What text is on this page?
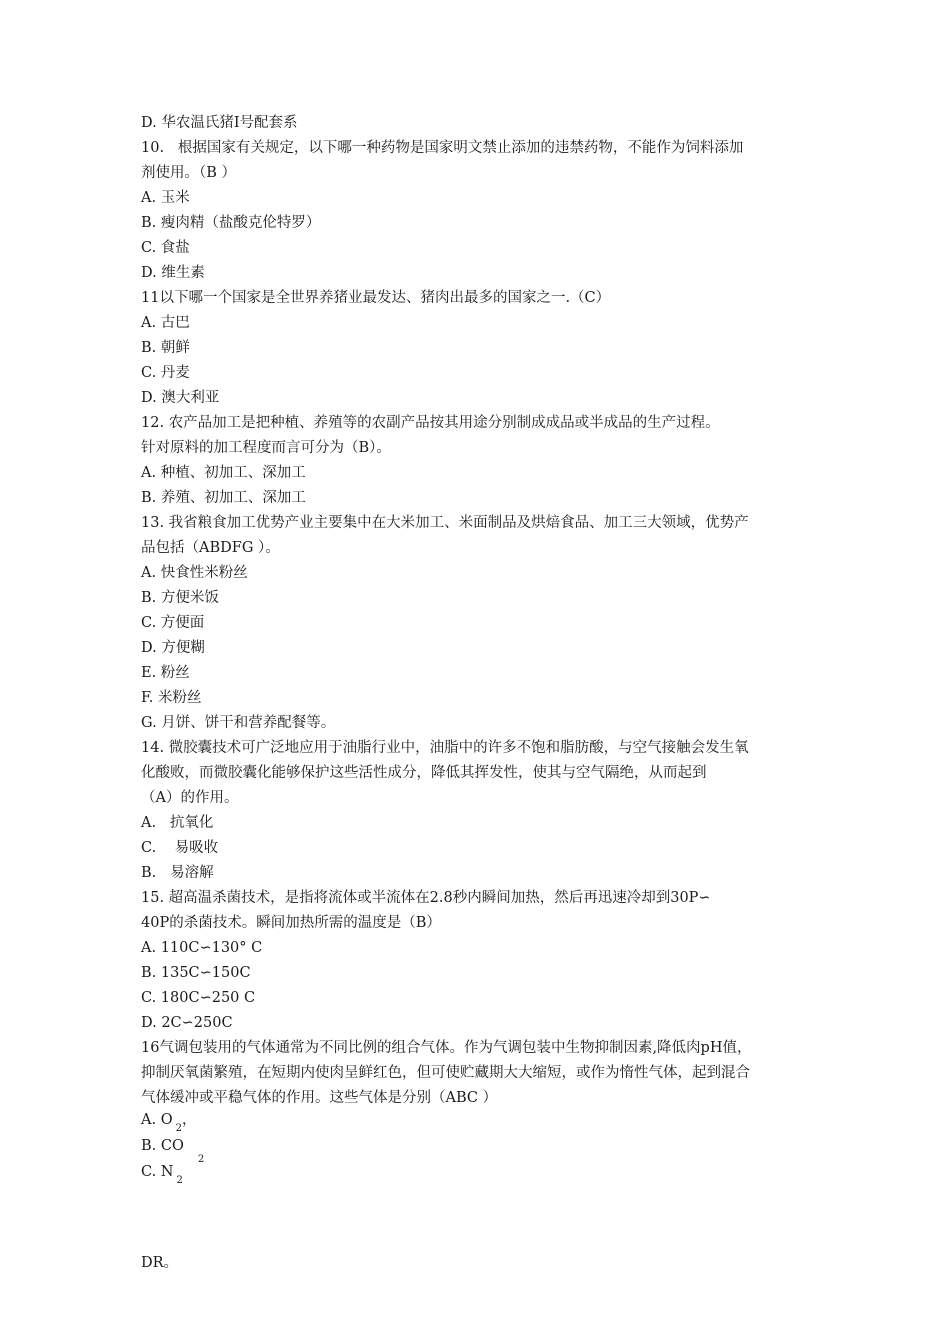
D. 华农温氏猪Ⅰ号配套系
10.   根据国家有关规定，以下哪一种药物是国家明文禁止添加的违禁药物，不能作为饲料添加
剂使用。（B ）
A. 玉米
B. 瘦肉精（盐酸克伦特罗）
C. 食盐
D. 维生素
11以下哪一个国家是全世界养猪业最发达、猪肉出最多的国家之一.（C）
A. 古巴
B. 朝鲜
C. 丹麦
D. 澳大利亚
12. 农产品加工是把种植、养殖等的农副产品按其用途分别制成成品或半成品的生产过程。
针对原料的加工程度而言可分为（B）。
A. 种植、初加工、深加工
B. 养殖、初加工、深加工
13. 我省粮食加工优势产业主要集中在大米加工、米面制品及烘焙食品、加工三大领域，优势产
品包括（ABDFG ）。
A. 快食性米粉丝
B. 方便米饭
C. 方便面
D. 方便糊
E. 粉丝
F. 米粉丝
G. 月饼、饼干和营养配餐等。
14. 微胶囊技术可广泛地应用于油脂行业中，油脂中的许多不饱和脂肪酸，与空气接触会发生氧
化酸败，而微胶囊化能够保护这些活性成分，降低其挥发性，使其与空气隔绝，从而起到
（A）的作用。
A.   抗氧化
C.    易吸收
B.   易溶解
15. 超高温杀菌技术，是指将流体或半流体在2.8秒内瞬间加热，然后再迅速冷却到30P∽
40P的杀菌技术。瞬间加热所需的温度是（B）
A. 110C∽130° C
B. 135C∽150C
C. 180C∽250 C
D. 2C∽250C
16气调包装用的气体通常为不同比例的组合气体。作为气调包装中生物抑制因素,降低肉pH值，
抑制厌氧菌繁殖，在短期内使肉呈鲜红色，但可使贮藏期大大缩短，或作为惰性气体，起到混合
气体缓冲或平稳气体的作用。这些气体是分别（ABC ）
A. $O_2$，
B. $CO_2$
C. $N_2$
DR。
